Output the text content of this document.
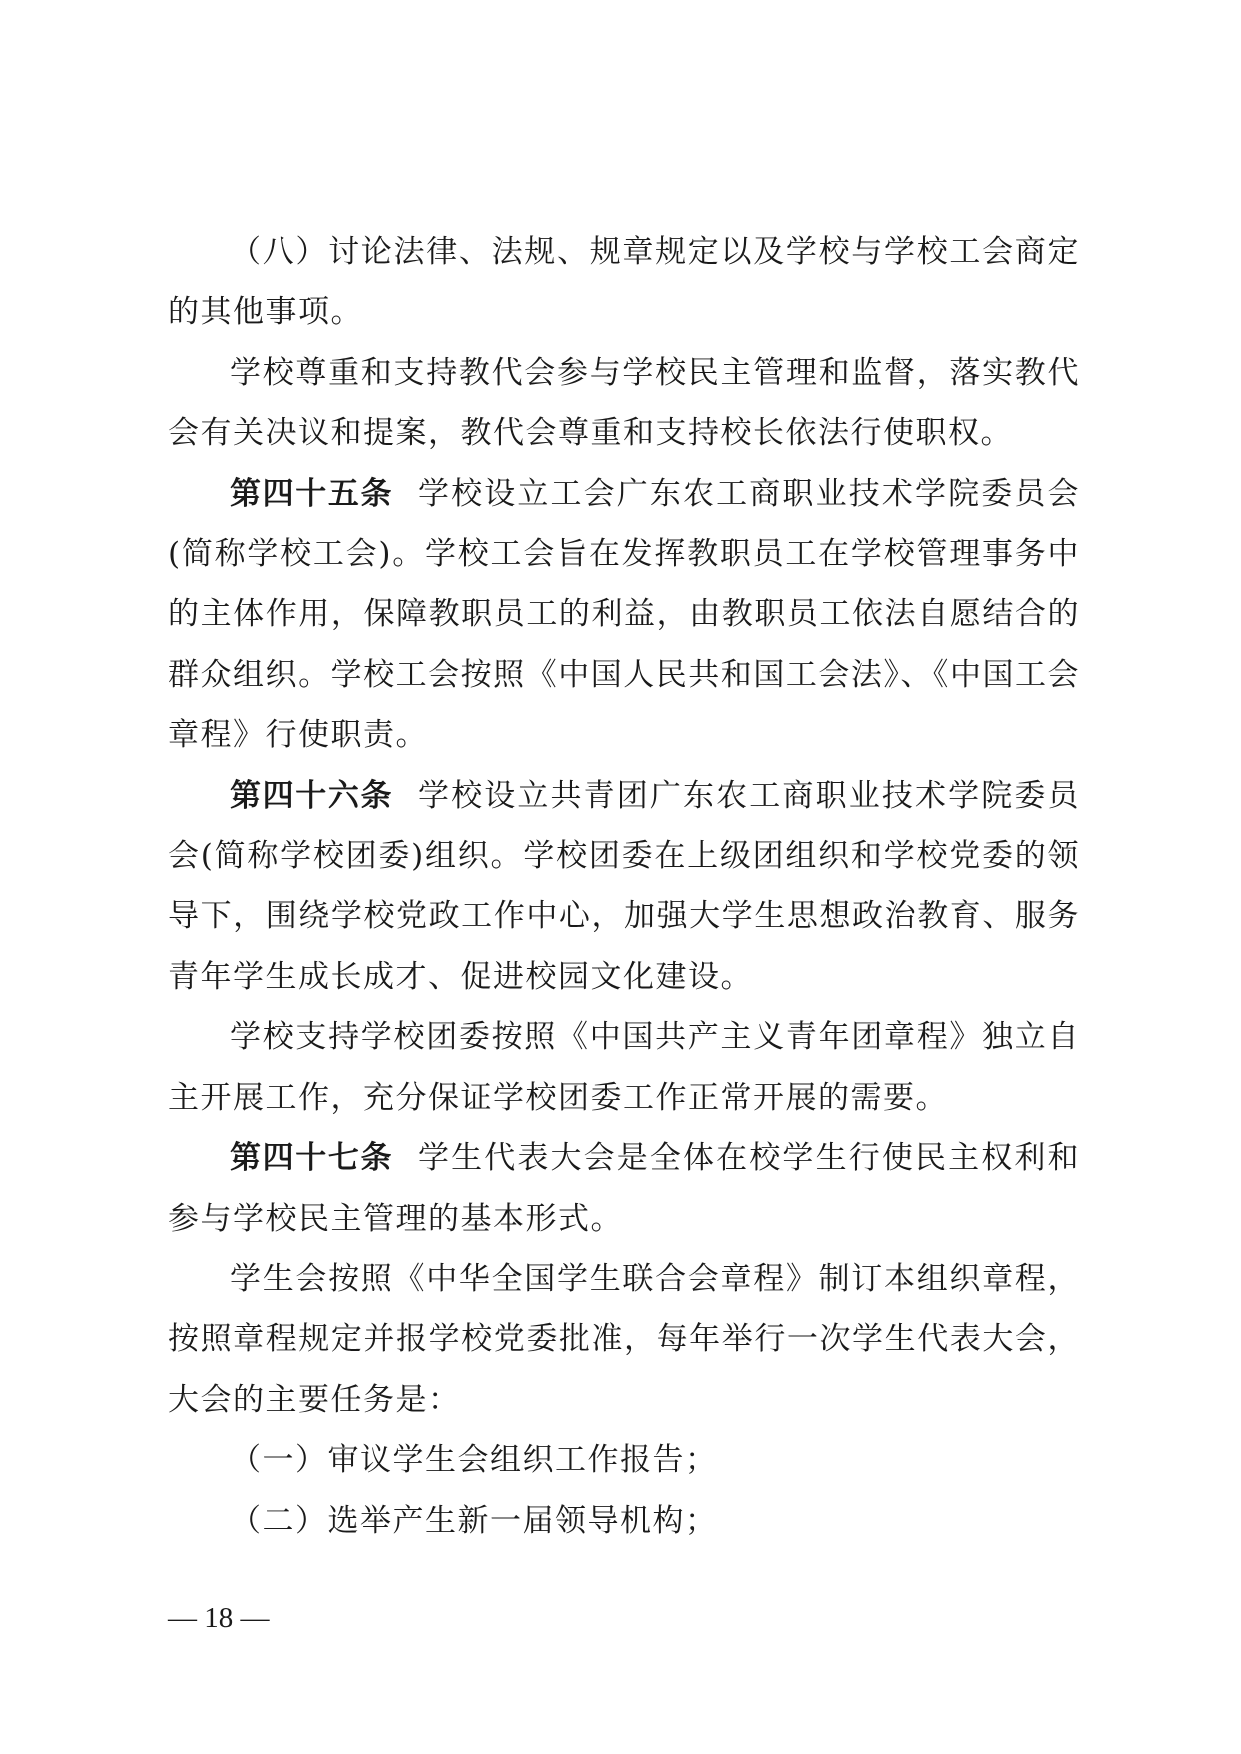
（八）讨论法律、法规、规章规定以及学校与学校工会商定的其他事项。

学校尊重和支持教代会参与学校民主管理和监督，落实教代会有关决议和提案，教代会尊重和支持校长依法行使职权。

第四十五条 学校设立工会广东农工商职业技术学院委员会(简称学校工会)。学校工会旨在发挥教职员工在学校管理事务中的主体作用，保障教职员工的利益，由教职员工依法自愿结合的群众组织。学校工会按照《中国人民共和国工会法》、《中国工会章程》行使职责。

第四十六条 学校设立共青团广东农工商职业技术学院委员会(简称学校团委)组织。学校团委在上级团组织和学校党委的领导下，围绕学校党政工作中心，加强大学生思想政治教育、服务青年学生成长成才、促进校园文化建设。

学校支持学校团委按照《中国共产主义青年团章程》独立自主开展工作，充分保证学校团委工作正常开展的需要。

第四十七条 学生代表大会是全体在校学生行使民主权利和参与学校民主管理的基本形式。

学生会按照《中华全国学生联合会章程》制订本组织章程，按照章程规定并报学校党委批准，每年举行一次学生代表大会，大会的主要任务是：

（一）审议学生会组织工作报告；

（二）选举产生新一届领导机构；

— 18 —
